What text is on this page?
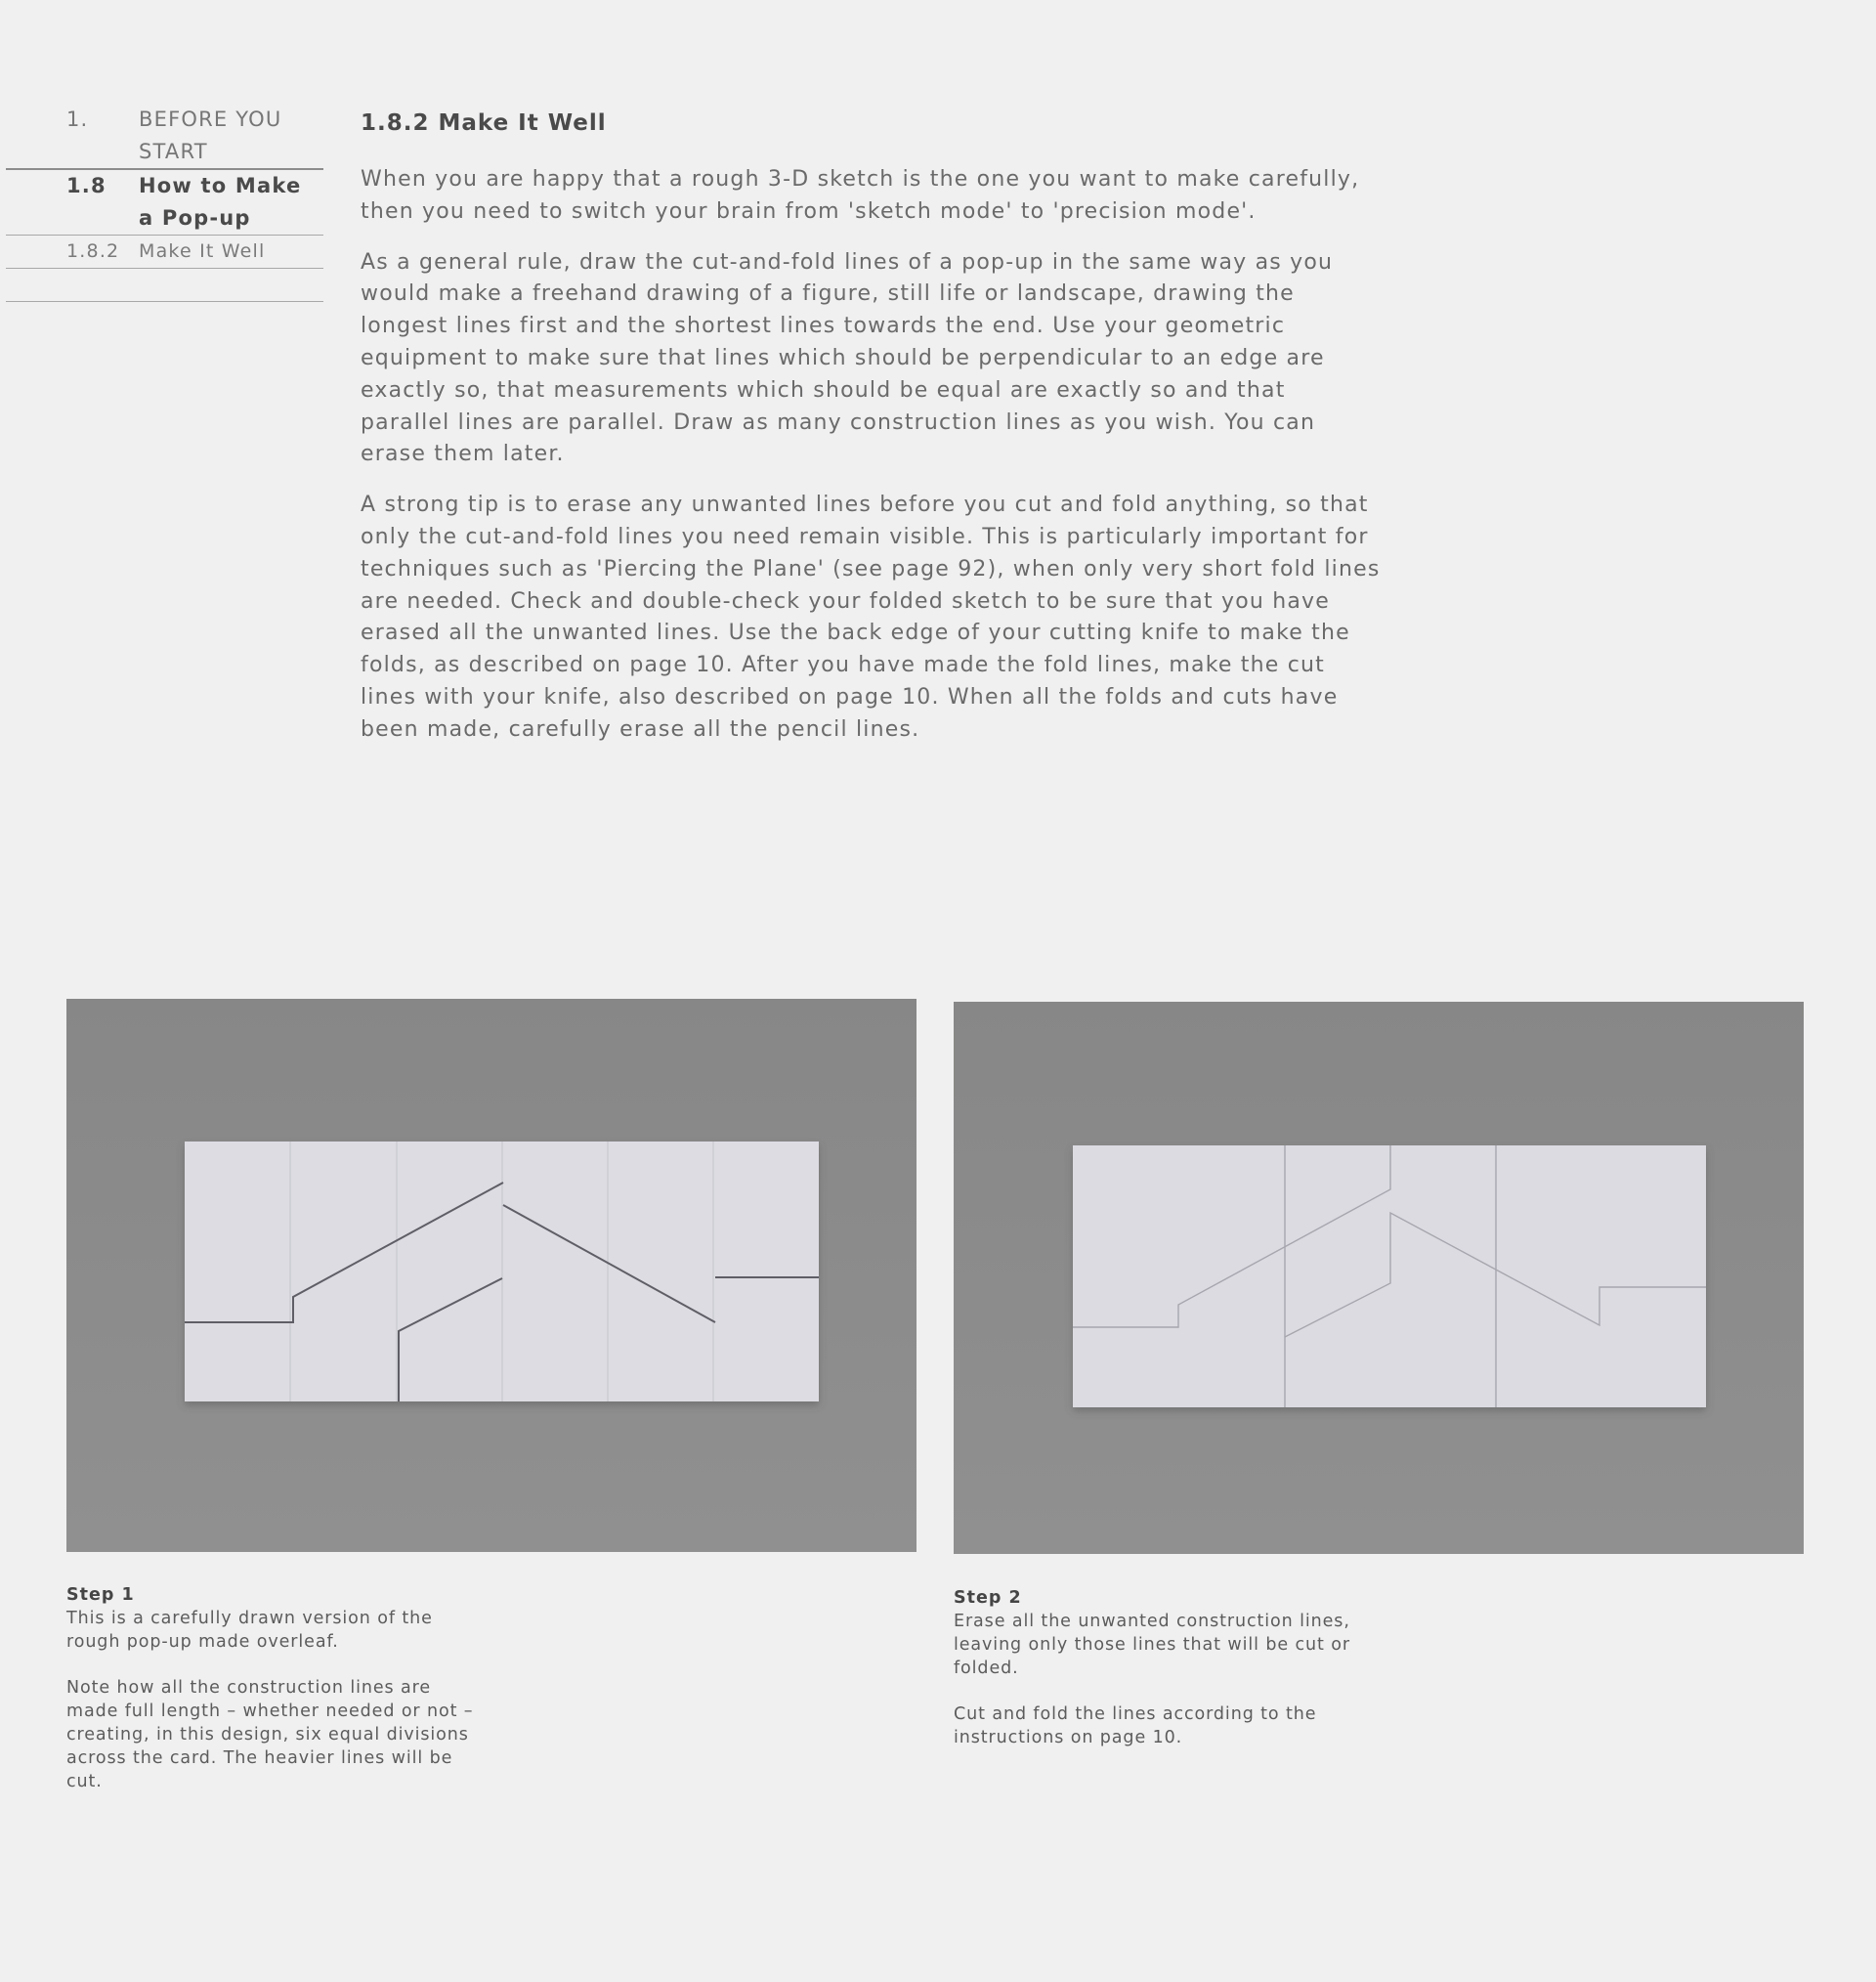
1.	BEFORE YOU START
1.8	How to Make a Pop-up
1.8.2	Make It Well
1.8.2 Make It Well

When you are happy that a rough 3-D sketch is the one you want to make carefully, then you need to switch your brain from 'sketch mode' to 'precision mode'.

As a general rule, draw the cut-and-fold lines of a pop-up in the same way as you would make a freehand drawing of a figure, still life or landscape, drawing the longest lines first and the shortest lines towards the end. Use your geometric equipment to make sure that lines which should be perpendicular to an edge are exactly so, that measurements which should be equal are exactly so and that parallel lines are parallel. Draw as many construction lines as you wish. You can erase them later.

A strong tip is to erase any unwanted lines before you cut and fold anything, so that only the cut-and-fold lines you need remain visible. This is particularly important for techniques such as 'Piercing the Plane' (see page 92), when only very short fold lines are needed. Check and double-check your folded sketch to be sure that you have erased all the unwanted lines. Use the back edge of your cutting knife to make the folds, as described on page 10. After you have made the fold lines, make the cut lines with your knife, also described on page 10. When all the folds and cuts have been made, carefully erase all the pencil lines.

Step 1

This is a carefully drawn version of the rough pop-up made overleaf.

Note how all the construction lines are made full length – whether needed or not – creating, in this design, six equal divisions across the card. The heavier lines will be cut.

Step 2

Erase all the unwanted construction lines, leaving only those lines that will be cut or folded.

Cut and fold the lines according to the instructions on page 10.
